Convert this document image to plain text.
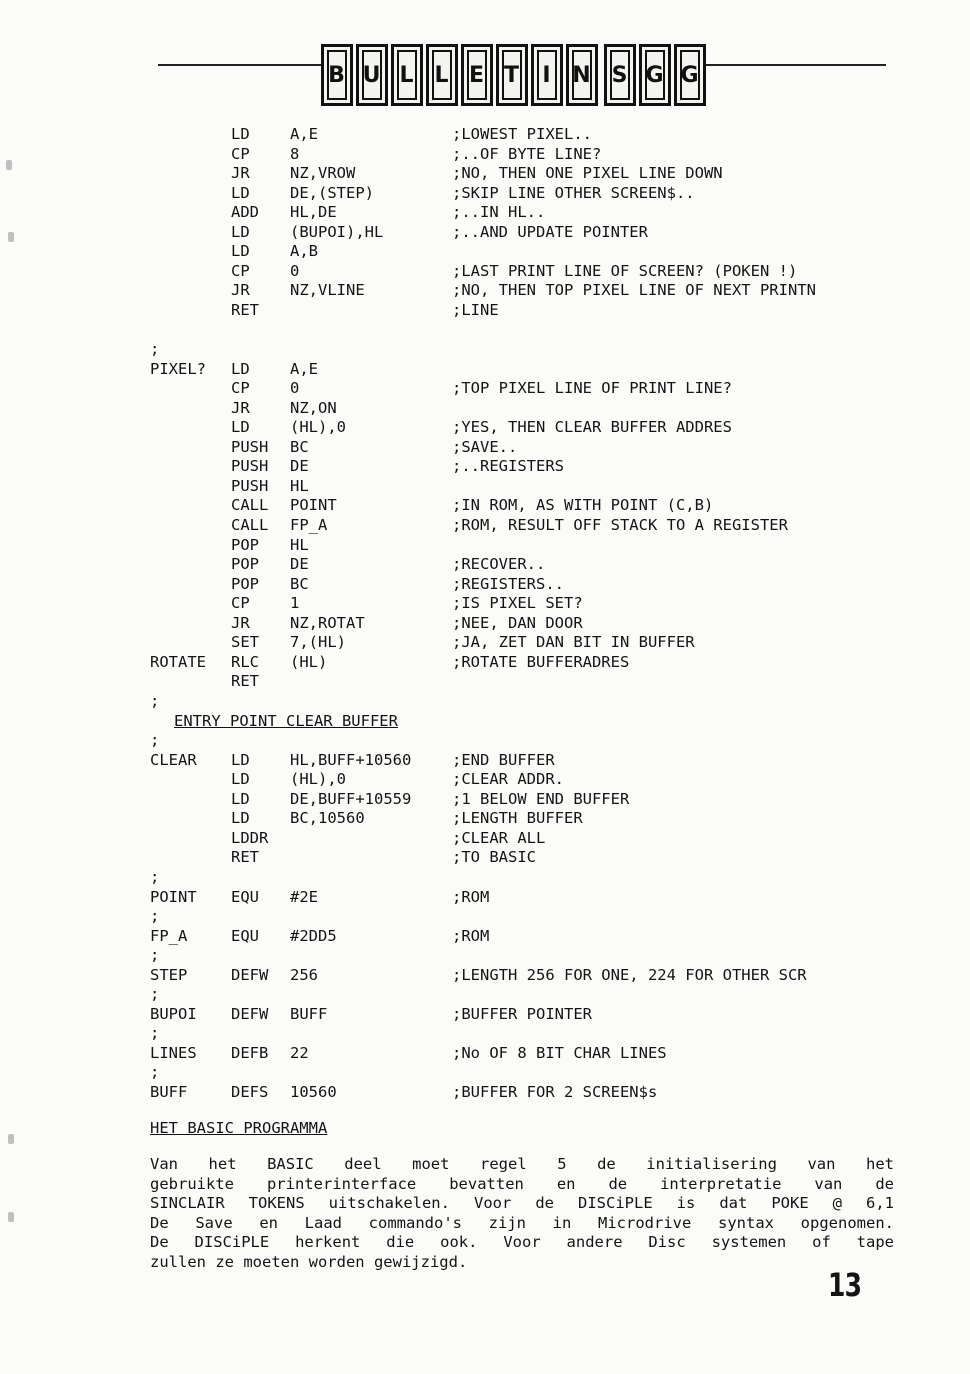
B U L L E T	I N S G G
LD	A,E	;LOWEST PIXEL..
CP	8	;..OF BYTE LINE?
JR	NZ,VROW	;NO, THEN ONE PIXEL LINE DOWN
LD	DE,(STEP)	;SKIP LINE OTHER SCREEN$..
ADD HL,DE	;..IN HL..
LD	(BUPOI),HL	;..AND UPDATE POINTER
LD	A,B
CP	0	;LAST PRINT LINE OF SCREEN? (POKEN !)
JR	NZ,VLINE	;NO, THEN TOP PIXEL LINE OF NEXT PRINTN
RET	;LINE
;
PIXEL? LD	A,E
CP	0	;TOP PIXEL LINE OF PRINT LINE?
JR	NZ,ON
LD	(HL),0	;YES, THEN CLEAR BUFFER ADDRES
PUSH BC	;SAVE..
PUSH DE	;..REGISTERS
PUSH HL
CALL POINT	;IN ROM, AS WITH POINT (C,B)
CALL FP_A	;ROM, RESULT OFF STACK TO A REGISTER
POP HL
POP DE	;RECOVER..
POP BC	;REGISTERS..
CP	1	;IS PIXEL SET?
JR	NZ,ROTAT	;NEE, DAN DOOR
SET 7,(HL)	;JA, ZET DAN BIT IN BUFFER
ROTATE RLC (HL)	;ROTATE BUFFERADRES
RET
;
ENTRY POINT CLEAR BUFFER
;
CLEAR LD	HL,BUFF+10560	;END BUFFER
LD	(HL),0	;CLEAR ADDR.
LD	DE,BUFF+10559	;1 BELOW END BUFFER
LD	BC,10560	;LENGTH BUFFER
LDDR	;CLEAR ALL
RET	;TO BASIC
;
POINT EQU #2E	;ROM
;
FP_A	EQU #2DD5	;ROM
;
STEP	DEFW 256	;LENGTH 256 FOR ONE, 224 FOR OTHER SCR
;
BUPOI DEFW BUFF	;BUFFER POINTER
;
LINES DEFB 22	;No OF 8 BIT CHAR LINES
;
BUFF	DEFS 10560	;BUFFER FOR 2 SCREEN$s
HET BASIC PROGRAMMA
Van het BASIC deel moet regel 5 de initialisering van het
gebruikte printerinterface bevatten en de interpretatie van de
SINCLAIR TOKENS uitschakelen. Voor de DISCiPLE is dat POKE @ 6,1
De Save en Laad commando's zijn in Microdrive syntax opgenomen.
De DISCiPLE herkent die ook. Voor andere Disc systemen of tape
zullen ze moeten worden gewijzigd.
13
